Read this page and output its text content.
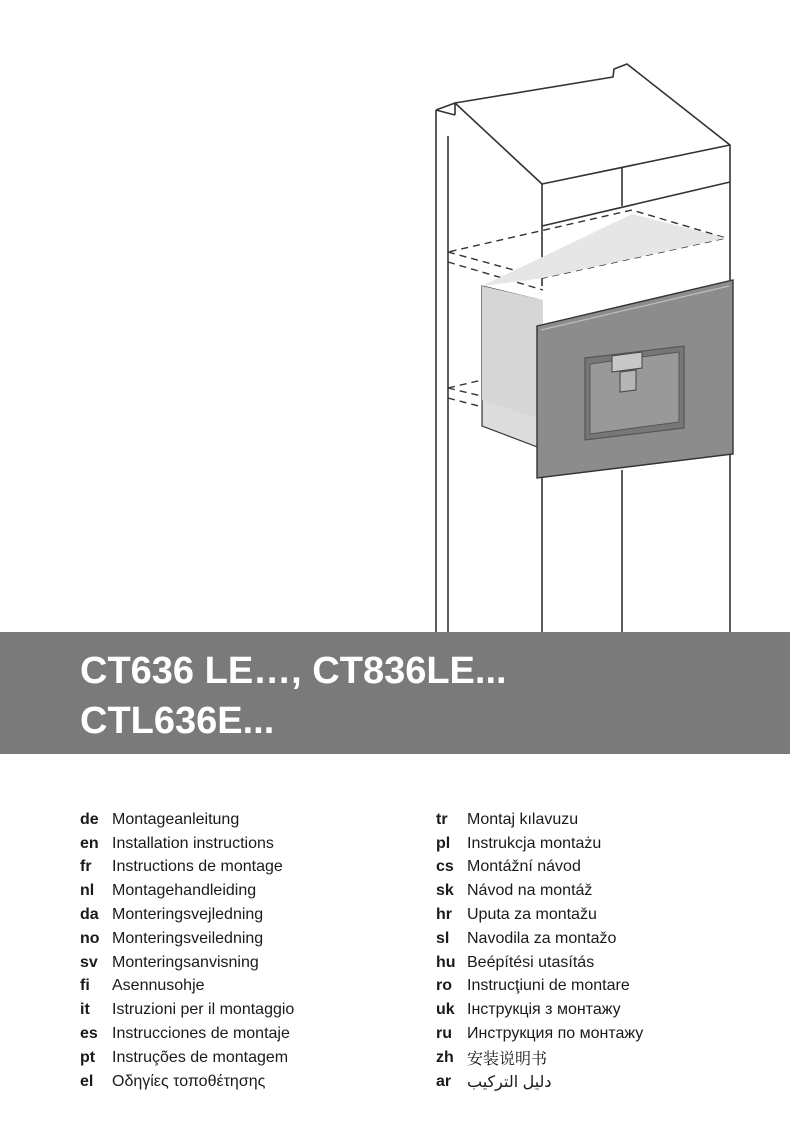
CT636 LE…, CT836LE...
CTL636E...
de Montageanleitung
en Installation instructions
fr	Instructions de montage
nl	Montagehandleiding
da Monteringsvejledning
no Monteringsveiledning
sv Monteringsanvisning
fi	Asennusohje
it	Istruzioni per il montaggio
es Instrucciones de montaje
pt	Instruções de montagem
el	Οδηγίες τοποθέτησης
tr	Montaj kılavuzu
pl	Instrukcja montażu
cs Montážní návod
sk Návod na montáž
hr Uputa za montažu
sl	Navodila za montažo
hu Beépítési utasítás
ro Instrucţiuni de montare
uk Інструкція з монтажу
ru Инструкция по монтажу
zh 安装说明书
ar دليل التركيب
